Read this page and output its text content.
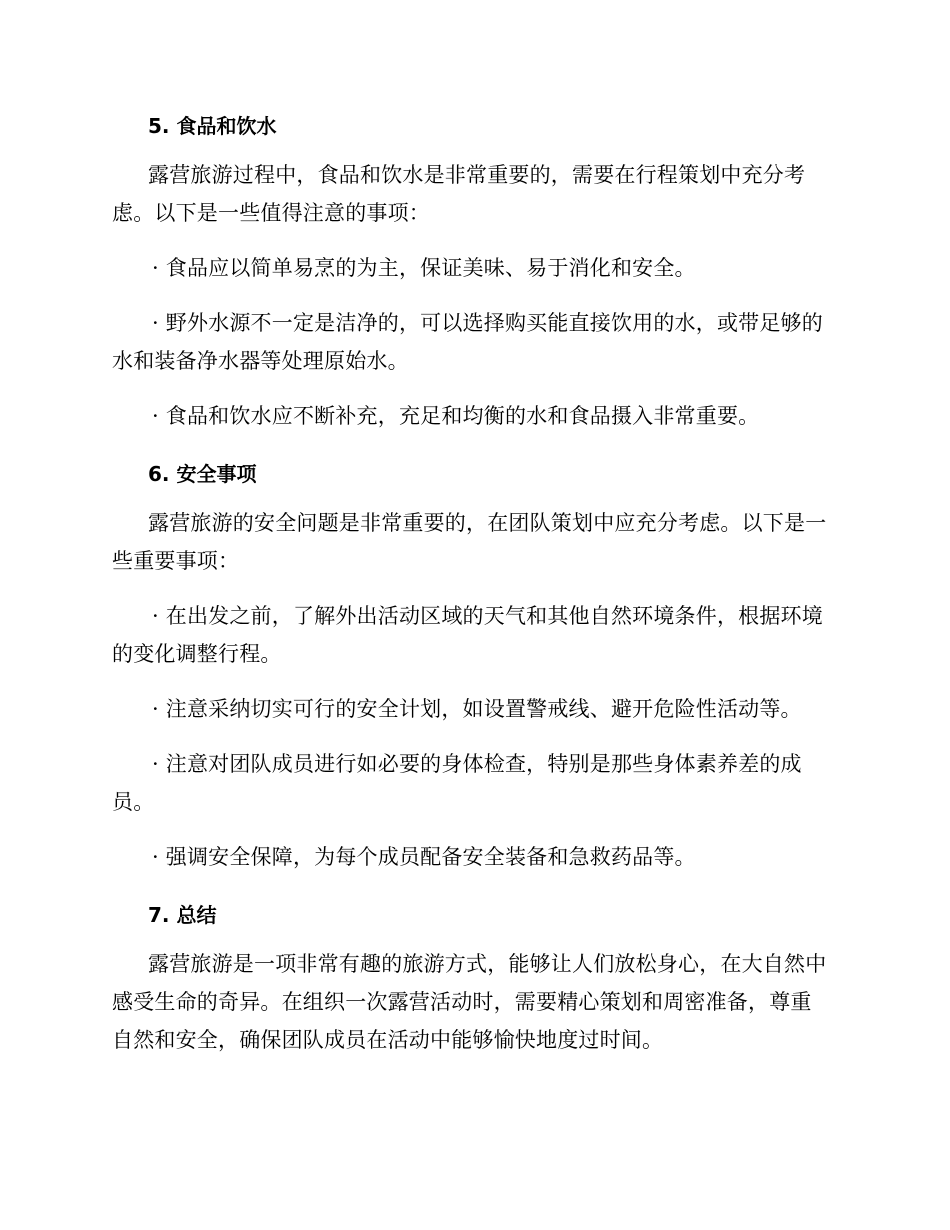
5. 食品和饮水

露营旅游过程中，食品和饮水是非常重要的，需要在行程策划中充分考虑。以下是一些值得注意的事项：

· 食品应以简单易烹的为主，保证美味、易于消化和安全。

· 野外水源不一定是洁净的，可以选择购买能直接饮用的水，或带足够的水和装备净水器等处理原始水。

· 食品和饮水应不断补充，充足和均衡的水和食品摄入非常重要。

6. 安全事项

露营旅游的安全问题是非常重要的，在团队策划中应充分考虑。以下是一些重要事项：

· 在出发之前，了解外出活动区域的天气和其他自然环境条件，根据环境的变化调整行程。

· 注意采纳切实可行的安全计划，如设置警戒线、避开危险性活动等。

· 注意对团队成员进行如必要的身体检查，特别是那些身体素养差的成员。

· 强调安全保障，为每个成员配备安全装备和急救药品等。

7. 总结

露营旅游是一项非常有趣的旅游方式，能够让人们放松身心，在大自然中感受生命的奇异。在组织一次露营活动时，需要精心策划和周密准备，尊重自然和安全，确保团队成员在活动中能够愉快地度过时间。
